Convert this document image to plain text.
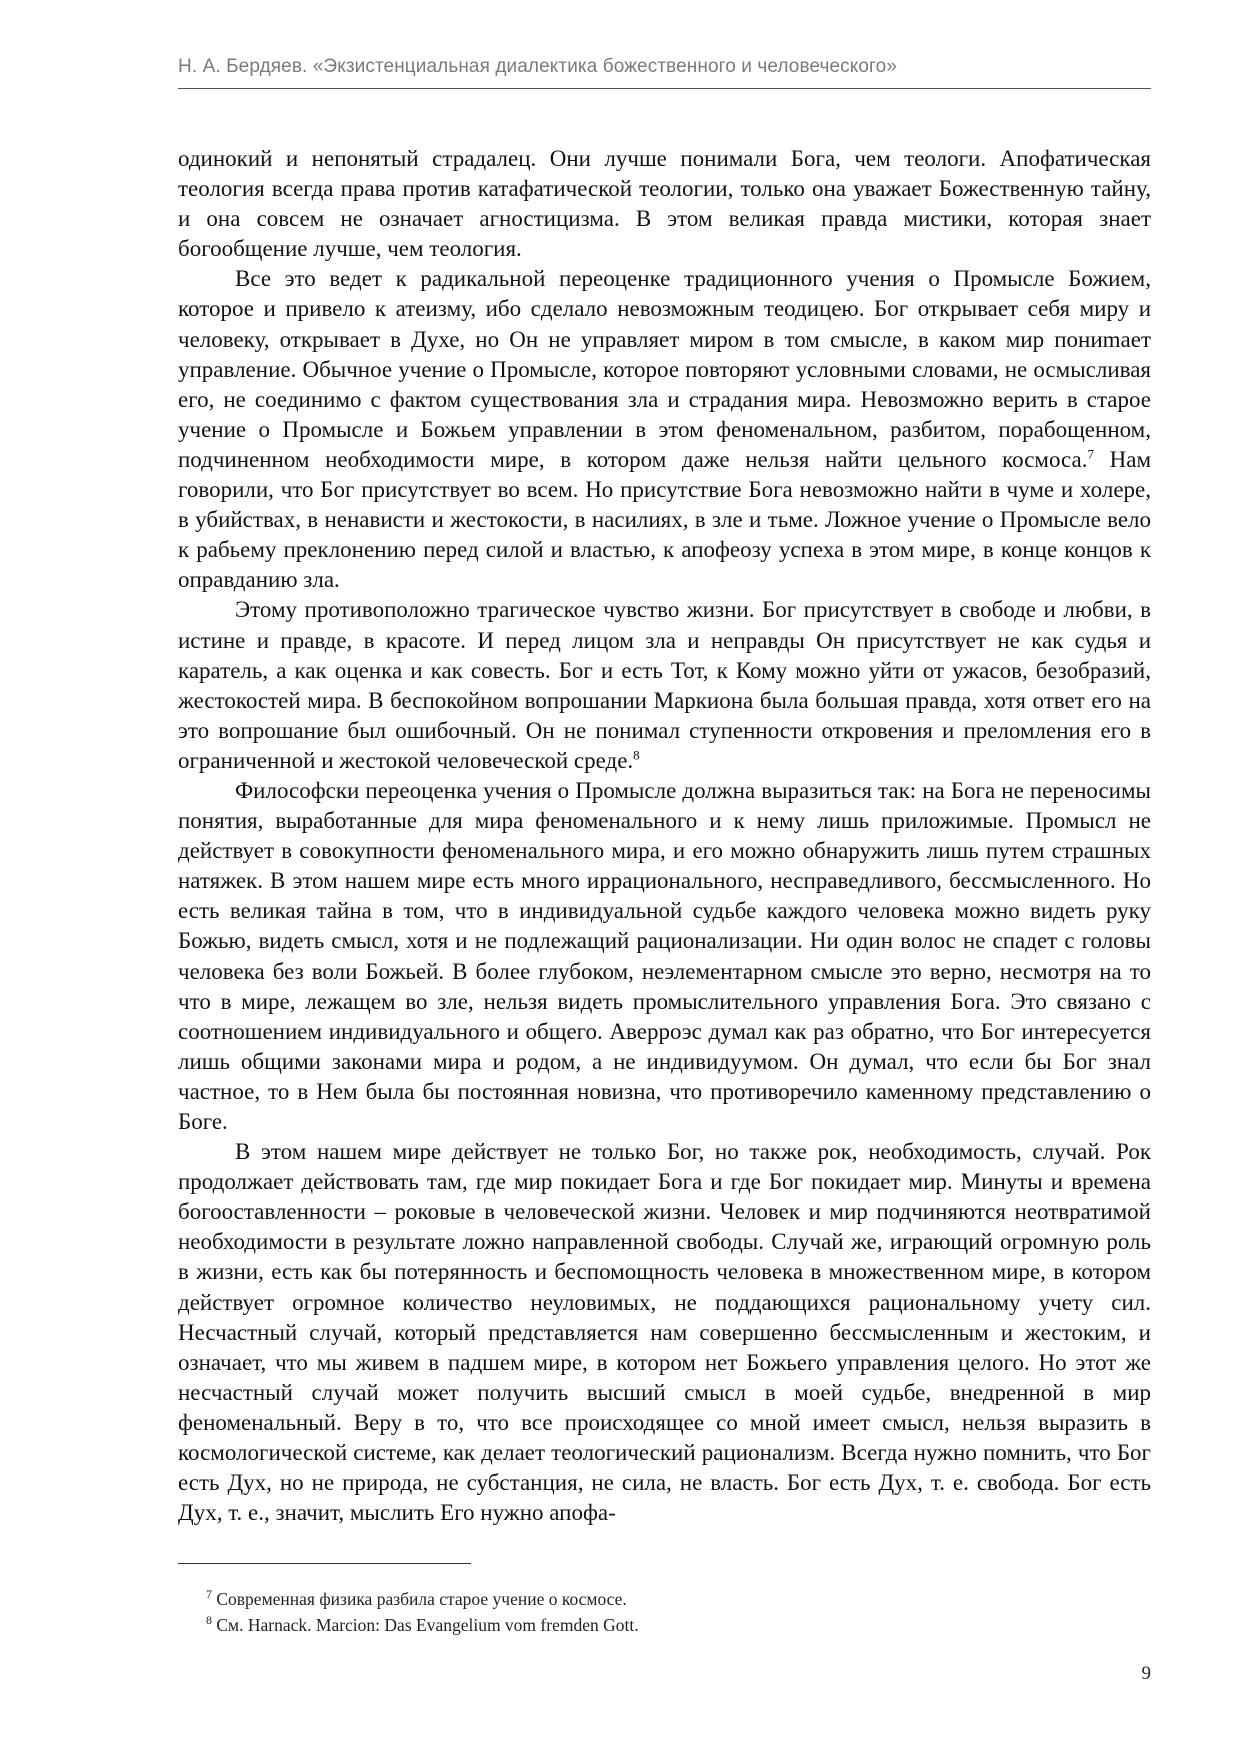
Н. А. Бердяев. «Экзистенциальная диалектика божественного и человеческого»

одинокий и непонятый страдалец. Они лучше понимали Бога, чем теологи. Апофатическая теология всегда права против катафатической теологии, только она уважает Божественную тайну, и она совсем не означает агностицизма. В этом великая правда мистики, которая знает богообщение лучше, чем теология.

Все это ведет к радикальной переоценке традиционного учения о Промысле Божием, которое и привело к атеизму, ибо сделало невозможным теодицею. Бог открывает себя миру и человеку, открывает в Духе, но Он не управляет миром в том смысле, в каком мир пониmает управление. Обычное учение о Промысле, которое повторяют условными словами, не осмысливая его, не соединимо с фактом существования зла и страдания мира. Невозможно верить в старое учение о Промысле и Божьем управлении в этом феноменальном, разбитом, порабощенном, подчиненном необходимости мире, в котором даже нельзя найти цельного космоса.$^7$ Нам говорили, что Бог присутствует во всем. Но присутствие Бога невозможно найти в чуме и холере, в убийствах, в ненависти и жестокости, в насилиях, в зле и тьме. Ложное учение о Промысле вело к рабьему преклонению перед силой и властью, к апофеозу успеха в этом мире, в конце концов к оправданию зла.

Этому противоположно трагическое чувство жизни. Бог присутствует в свободе и любви, в истине и правде, в красоте. И перед лицом зла и неправды Он присутствует не как судья и каратель, а как оценка и как совесть. Бог и есть Тот, к Кому можно уйти от ужасов, безобразий, жестокостей мира. В беспокойном вопрошании Маркиона была большая правда, хотя ответ его на это вопрошание был ошибочный. Он не понимал ступенности откровения и преломления его в ограниченной и жестокой человеческой среде.$^8$

Философски переоценка учения о Промысле должна выразиться так: на Бога не переносимы понятия, выработанные для мира феноменального и к нему лишь приложимые. Промысл не действует в совокупности феноменального мира, и его можно обнаружить лишь путем страшных натяжек. В этом нашем мире есть много иррационального, несправедливого, бессмысленного. Но есть великая тайна в том, что в индивидуальной судьбе каждого человека можно видеть руку Божью, видеть смысл, хотя и не подлежащий рационализации. Ни один волос не спадет с головы человека без воли Божьей. В более глубоком, неэлементарном смысле это верно, несмотря на то что в мире, лежащем во зле, нельзя видеть промыслительного управления Бога. Это связано с соотношением индивидуального и общего. Аверроэс думал как раз обратно, что Бог интересуется лишь общими законами мира и родом, а не индивидуумом. Он думал, что если бы Бог знал частное, то в Нем была бы постоянная новизна, что противоречило каменному представлению о Боге.

В этом нашем мире действует не только Бог, но также рок, необходимость, случай. Рок продолжает действовать там, где мир покидает Бога и где Бог покидает мир. Минуты и времена богооставленности – роковые в человеческой жизни. Человек и мир подчиняются неотвратимой необходимости в результате ложно направленной свободы. Случай же, играющий огромную роль в жизни, есть как бы потерянность и беспомощность человека в множественном мире, в котором действует огромное количество неуловимых, не поддающихся рациональному учету сил. Несчастный случай, который представляется нам совершенно бессмысленным и жестоким, и означает, что мы живем в падшем мире, в котором нет Божьего управления целого. Но этот же несчастный случай может получить высший смысл в моей судьбе, внедренной в мир феноменальный. Веру в то, что все происходящее со мной имеет смысл, нельзя выразить в космологической системе, как делает теологический рационализм. Всегда нужно помнить, что Бог есть Дух, но не природа, не субстанция, не сила, не власть. Бог есть Дух, т. е. свобода. Бог есть Дух, т. е., значит, мыслить Его нужно апофа-

$^7$ Современная физика разбила старое учение о космосе.

$^8$ См. Harnack. Marcion: Das Evangelium vom fremden Gott.

9
